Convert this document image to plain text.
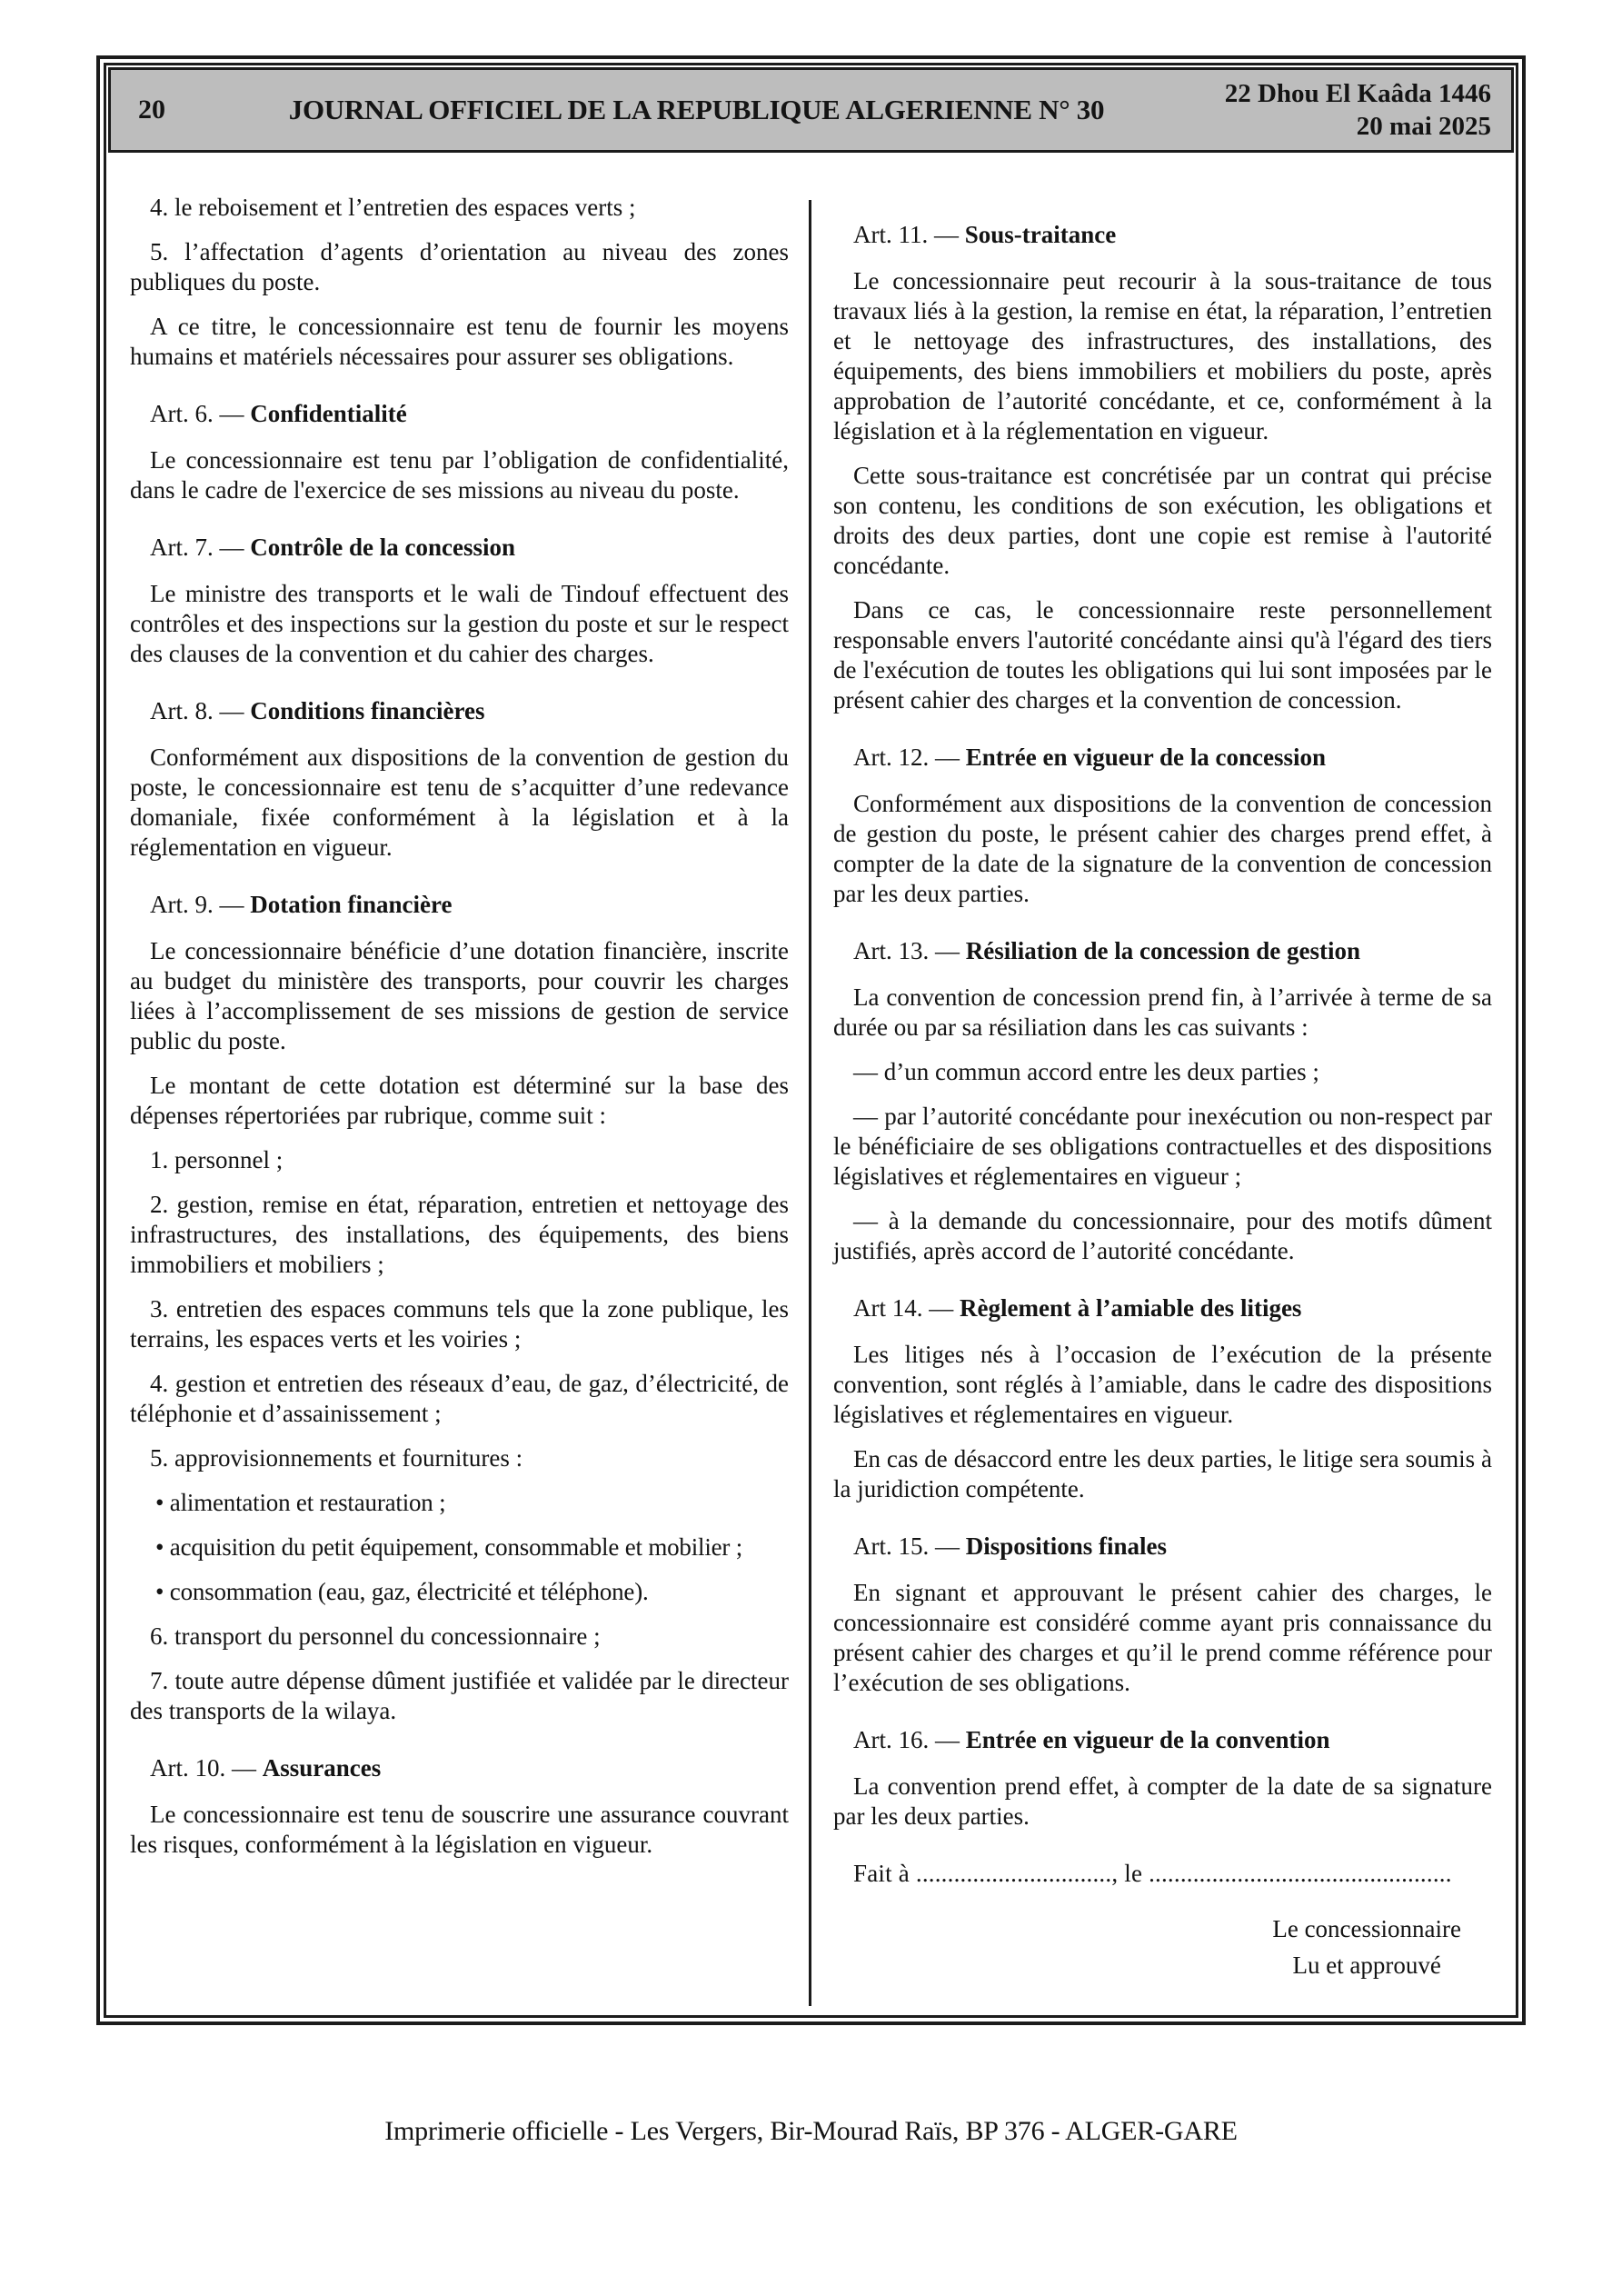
20	JOURNAL OFFICIEL DE LA REPUBLIQUE ALGERIENNE N° 30	22 Dhou El Kaâda 1446
20 mai 2025

4. le reboisement et l’entretien des espaces verts ;

5. l’affectation d’agents d’orientation au niveau des zones publiques du poste.

A ce titre, le concessionnaire est tenu de fournir les moyens humains et matériels nécessaires pour assurer ses obligations.

Art. 6. — Confidentialité

Le concessionnaire est tenu par l’obligation de confidentialité, dans le cadre de l'exercice de ses missions au niveau du poste.

Art. 7. — Contrôle de la concession

Le ministre des transports et le wali de Tindouf effectuent des contrôles et des inspections sur la gestion du poste et sur le respect des clauses de la convention et du cahier des charges.

Art. 8. — Conditions financières

Conformément aux dispositions de la convention de gestion du poste, le concessionnaire est tenu de s’acquitter d’une redevance domaniale, fixée conformément à la législation et à la réglementation en vigueur.

Art. 9. — Dotation financière

Le concessionnaire bénéficie d’une dotation financière, inscrite au budget du ministère des transports, pour couvrir les charges liées à l’accomplissement de ses missions de gestion de service public du poste.

Le montant de cette dotation est déterminé sur la base des dépenses répertoriées par rubrique, comme suit :

1. personnel ;

2. gestion, remise en état, réparation, entretien et nettoyage des infrastructures, des installations, des équipements, des biens immobiliers et mobiliers ;

3. entretien des espaces communs tels que la zone publique, les terrains, les espaces verts et les voiries ;

4. gestion et entretien des réseaux d’eau, de gaz, d’électricité, de téléphonie et d’assainissement ;

5. approvisionnements et fournitures :

• alimentation et restauration ;

• acquisition du petit équipement, consommable et mobilier ;

• consommation (eau, gaz, électricité et téléphone).

6. transport du personnel du concessionnaire ;

7. toute autre dépense dûment justifiée et validée par le directeur des transports de la wilaya.

Art. 10. — Assurances

Le concessionnaire est tenu de souscrire une assurance couvrant les risques, conformément à la législation en vigueur.

Art. 11. — Sous-traitance

Le concessionnaire peut recourir à la sous-traitance de tous travaux liés à la gestion, la remise en état, la réparation, l’entretien et le nettoyage des infrastructures, des installations, des équipements, des biens immobiliers et mobiliers du poste, après approbation de l’autorité concédante, et ce, conformément à la législation et à la réglementation en vigueur.

Cette sous-traitance est concrétisée par un contrat qui précise son contenu, les conditions de son exécution, les obligations et droits des deux parties, dont une copie est remise à l'autorité concédante.

Dans ce cas, le concessionnaire reste personnellement responsable envers l'autorité concédante ainsi qu'à l'égard des tiers de l'exécution de toutes les obligations qui lui sont imposées par le présent cahier des charges et la convention de concession.

Art. 12. — Entrée en vigueur de la concession

Conformément aux dispositions de la convention de concession de gestion du poste, le présent cahier des charges prend effet, à compter de la date de la signature de la convention de concession par les deux parties.

Art. 13. — Résiliation de la concession de gestion

La convention de concession prend fin, à l’arrivée à terme de sa durée ou par sa résiliation dans les cas suivants :

— d’un commun accord entre les deux parties ;

— par l’autorité concédante pour inexécution ou non-respect par le bénéficiaire de ses obligations contractuelles et des dispositions législatives et réglementaires en vigueur ;

— à la demande du concessionnaire, pour des motifs dûment justifiés, après accord de l’autorité concédante.

Art 14. — Règlement à l’amiable des litiges

Les litiges nés à l’occasion de l’exécution de la présente convention, sont réglés à l’amiable, dans le cadre des dispositions législatives et réglementaires en vigueur.

En cas de désaccord entre les deux parties, le litige sera soumis à la juridiction compétente.

Art. 15. — Dispositions finales

En signant et approuvant le présent cahier des charges, le concessionnaire est considéré comme ayant pris connaissance du présent cahier des charges et qu’il le prend comme référence pour l’exécution de ses obligations.

Art. 16. — Entrée en vigueur de la convention

La convention prend effet, à compter de la date de sa signature par les deux parties.

Fait à ..............................., le ................................................

Le concessionnaire
Lu et approuvé
Imprimerie officielle - Les Vergers, Bir-Mourad Raïs, BP 376 - ALGER-GARE
